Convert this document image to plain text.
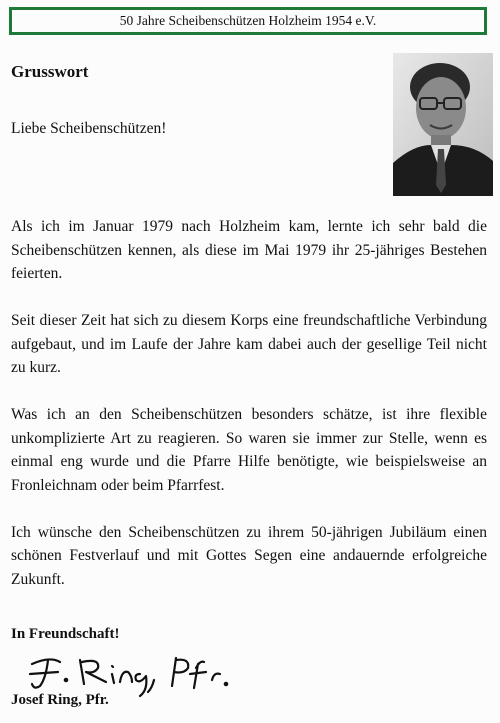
50 Jahre Scheibenschützen Holzheim 1954 e.V.
Grusswort
Liebe Scheibenschützen!

Als ich im Januar 1979 nach Holzheim kam, lernte ich sehr bald die Scheibenschützen kennen, als diese im Mai 1979 ihr 25-jähriges Bestehen feierten.

Seit dieser Zeit hat sich zu diesem Korps eine freundschaftliche Verbindung aufgebaut, und im Laufe der Jahre kam dabei auch der gesellige Teil nicht zu kurz.

Was ich an den Scheibenschützen besonders schätze, ist ihre flexible unkomplizierte Art zu reagieren. So waren sie immer zur Stelle, wenn es einmal eng wurde und die Pfarre Hilfe benötigte, wie beispielsweise an Fronleichnam oder beim Pfarrfest.

Ich wünsche den Scheibenschützen zu ihrem 50-jährigen Jubiläum einen schönen Festverlauf und mit Gottes Segen eine andauernde erfolgreiche Zukunft.

In Freundschaft!
Josef Ring, Pfr.
